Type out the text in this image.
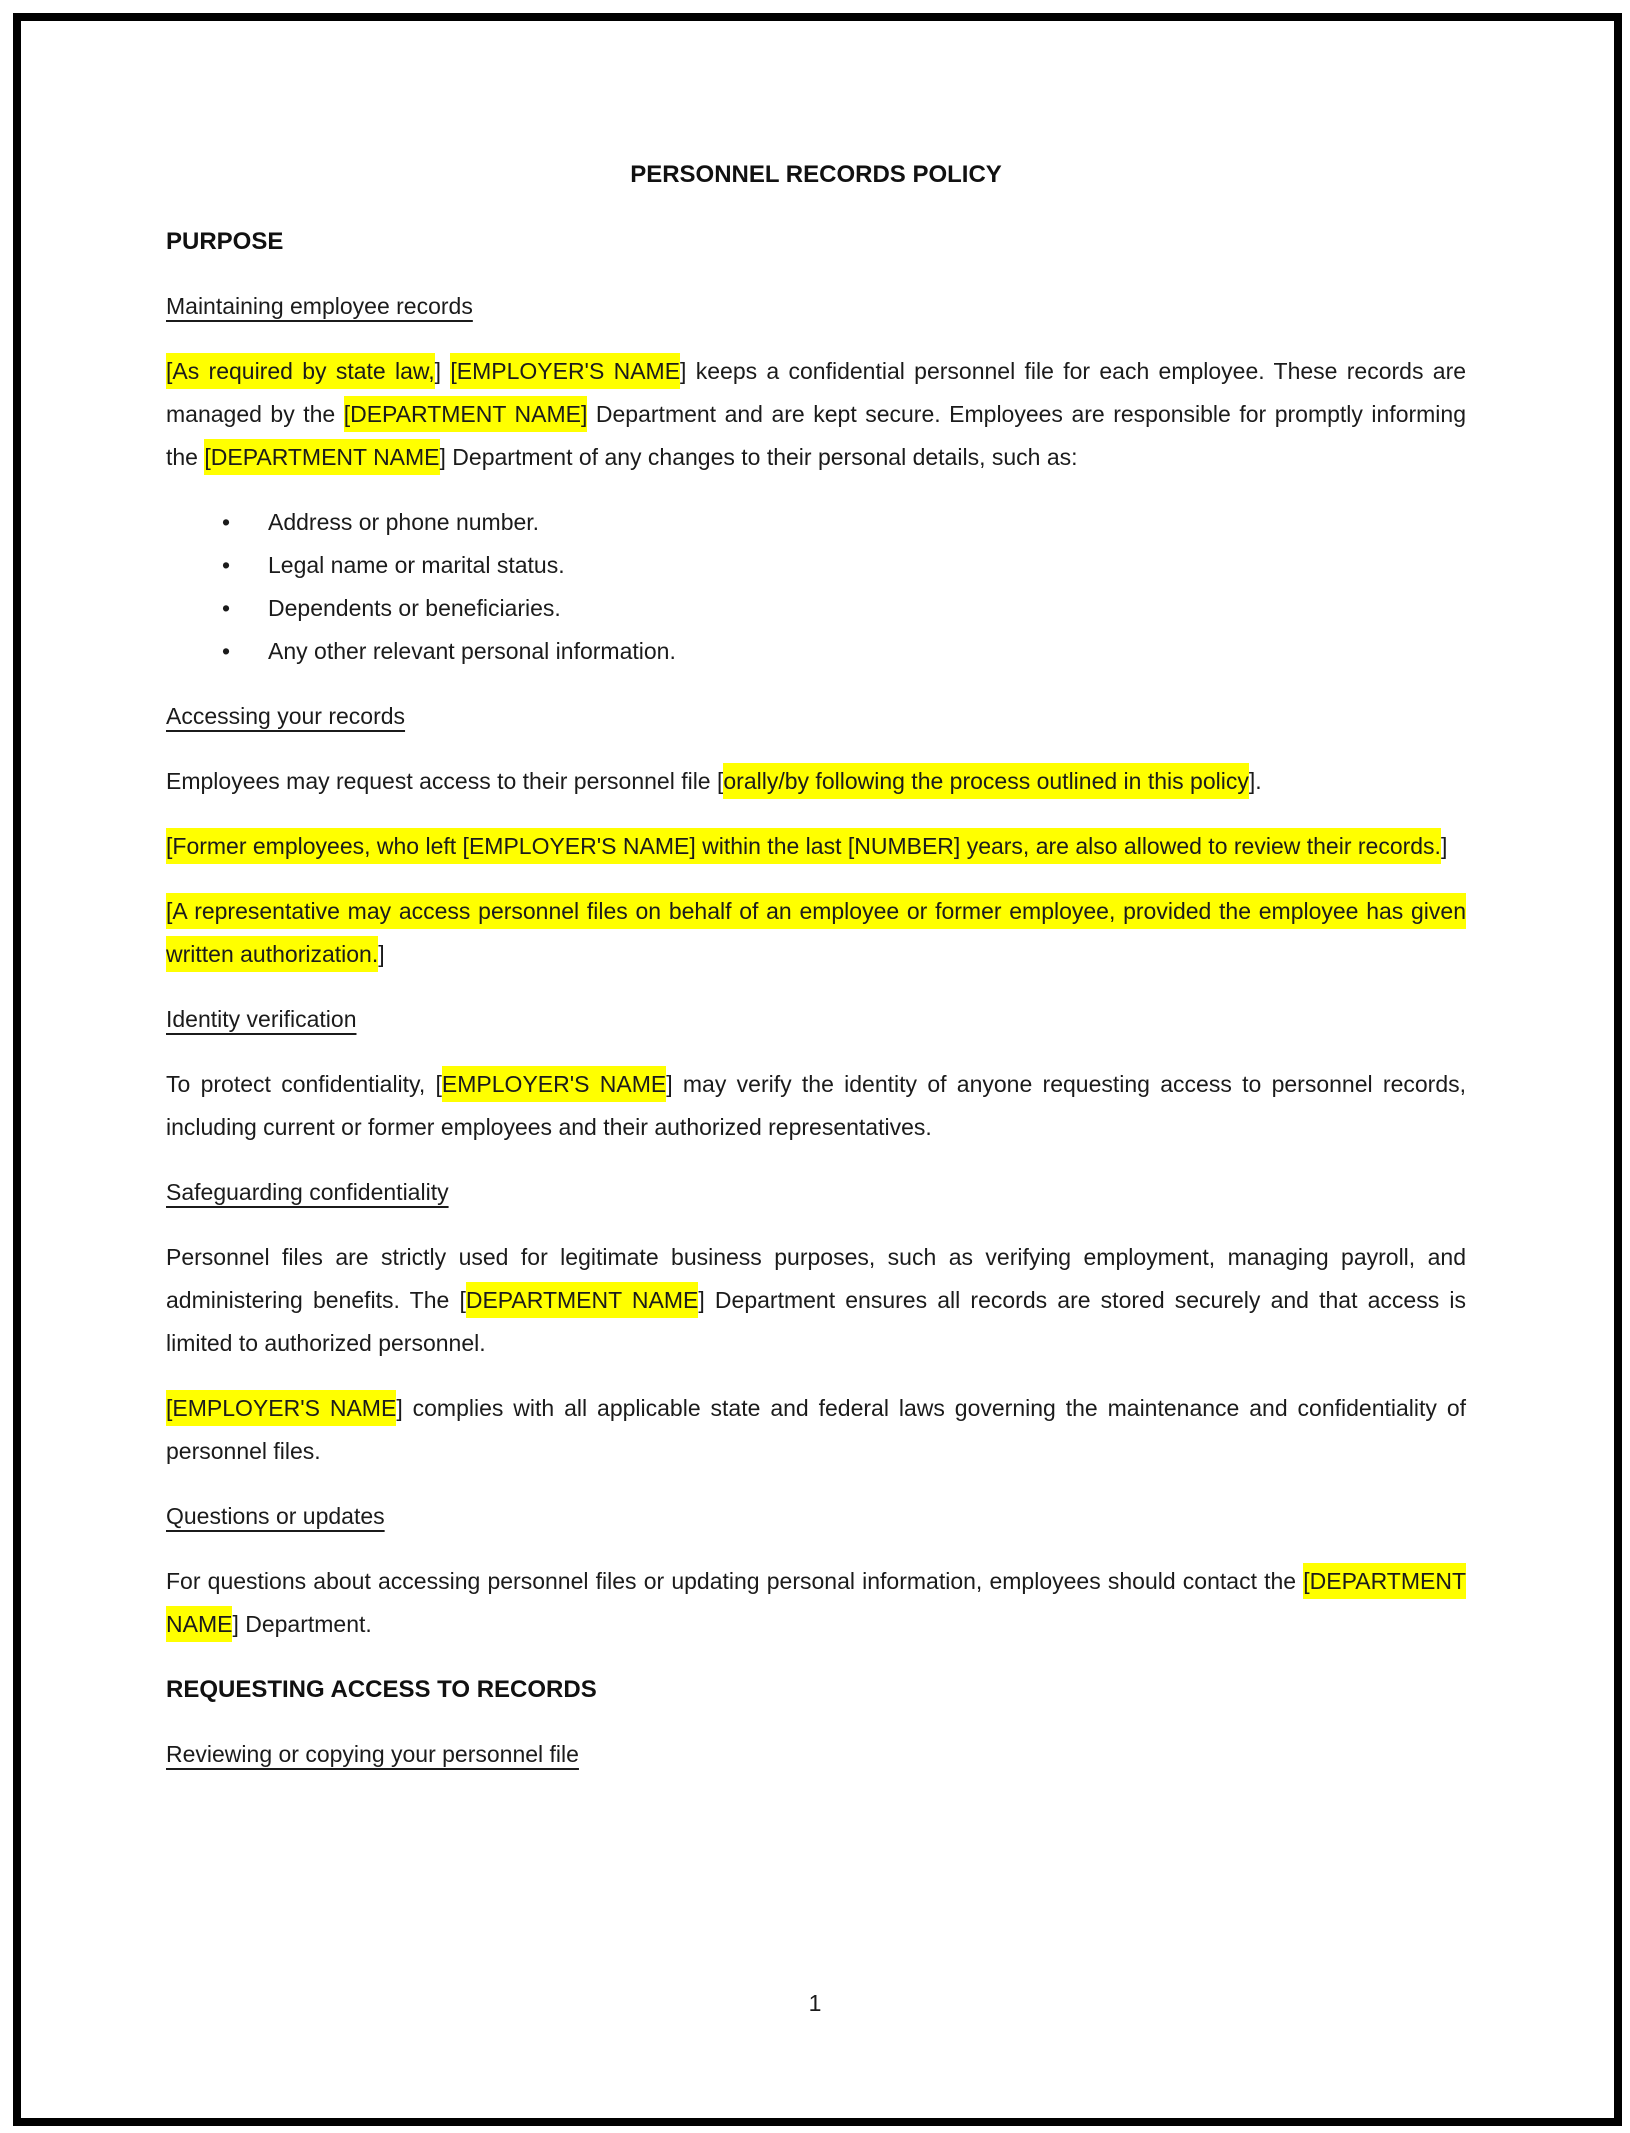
PERSONNEL RECORDS POLICY
PURPOSE
Maintaining employee records

[As required by state law,] [EMPLOYER'S NAME] keeps a confidential personnel file for each employee. These records are managed by the [DEPARTMENT NAME] Department and are kept secure. Employees are responsible for promptly informing the [DEPARTMENT NAME] Department of any changes to their personal details, such as:

• Address or phone number.
• Legal name or marital status.
• Dependents or beneficiaries.
• Any other relevant personal information.
Accessing your records

Employees may request access to their personnel file [orally/by following the process outlined in this policy].

[Former employees, who left [EMPLOYER'S NAME] within the last [NUMBER] years, are also allowed to review their records.]

[A representative may access personnel files on behalf of an employee or former employee, provided the employee has given written authorization.]

Identity verification

To protect confidentiality, [EMPLOYER'S NAME] may verify the identity of anyone requesting access to personnel records, including current or former employees and their authorized representatives.

Safeguarding confidentiality

Personnel files are strictly used for legitimate business purposes, such as verifying employment, managing payroll, and administering benefits. The [DEPARTMENT NAME] Department ensures all records are stored securely and that access is limited to authorized personnel.

[EMPLOYER'S NAME] complies with all applicable state and federal laws governing the maintenance and confidentiality of personnel files.

Questions or updates

For questions about accessing personnel files or updating personal information, employees should contact the [DEPARTMENT NAME] Department.

REQUESTING ACCESS TO RECORDS
Reviewing or copying your personnel file
1
